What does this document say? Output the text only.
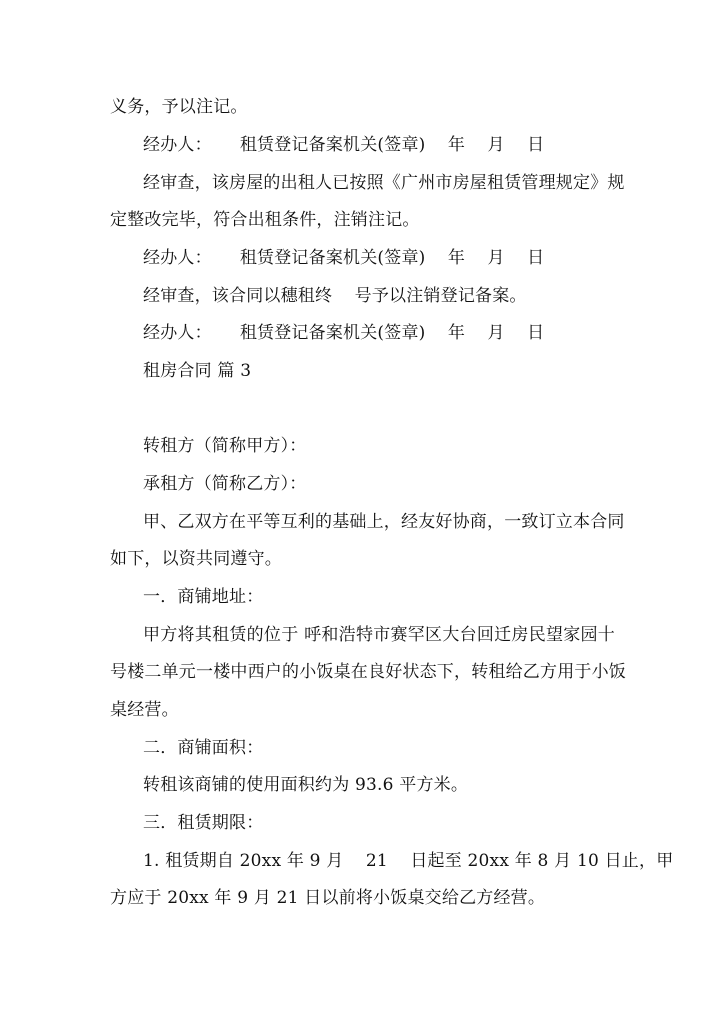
义务，予以注记。
经办人：     租赁登记备案机关(签章)    年    月    日
经审查，该房屋的出租人已按照《广州市房屋租赁管理规定》规
定整改完毕，符合出租条件，注销注记。
经办人：     租赁登记备案机关(签章)    年    月    日
经审查，该合同以穗租终    号予以注销登记备案。
经办人：     租赁登记备案机关(签章)    年    月    日
租房合同 篇 3
转租方（简称甲方）：
承租方（简称乙方）：
甲、乙双方在平等互利的基础上，经友好协商，一致订立本合同
如下，以资共同遵守。
一．商铺地址：
甲方将其租赁的位于 呼和浩特市赛罕区大台回迁房民望家园十
号楼二单元一楼中西户的小饭桌在良好状态下，转租给乙方用于小饭
桌经营。
二．商铺面积：
转租该商铺的使用面积约为 93.6 平方米。
三．租赁期限：
1. 租赁期自 20xx 年 9 月    21    日起至 20xx 年 8 月 10 日止，甲
方应于 20xx 年 9 月 21 日以前将小饭桌交给乙方经营。
